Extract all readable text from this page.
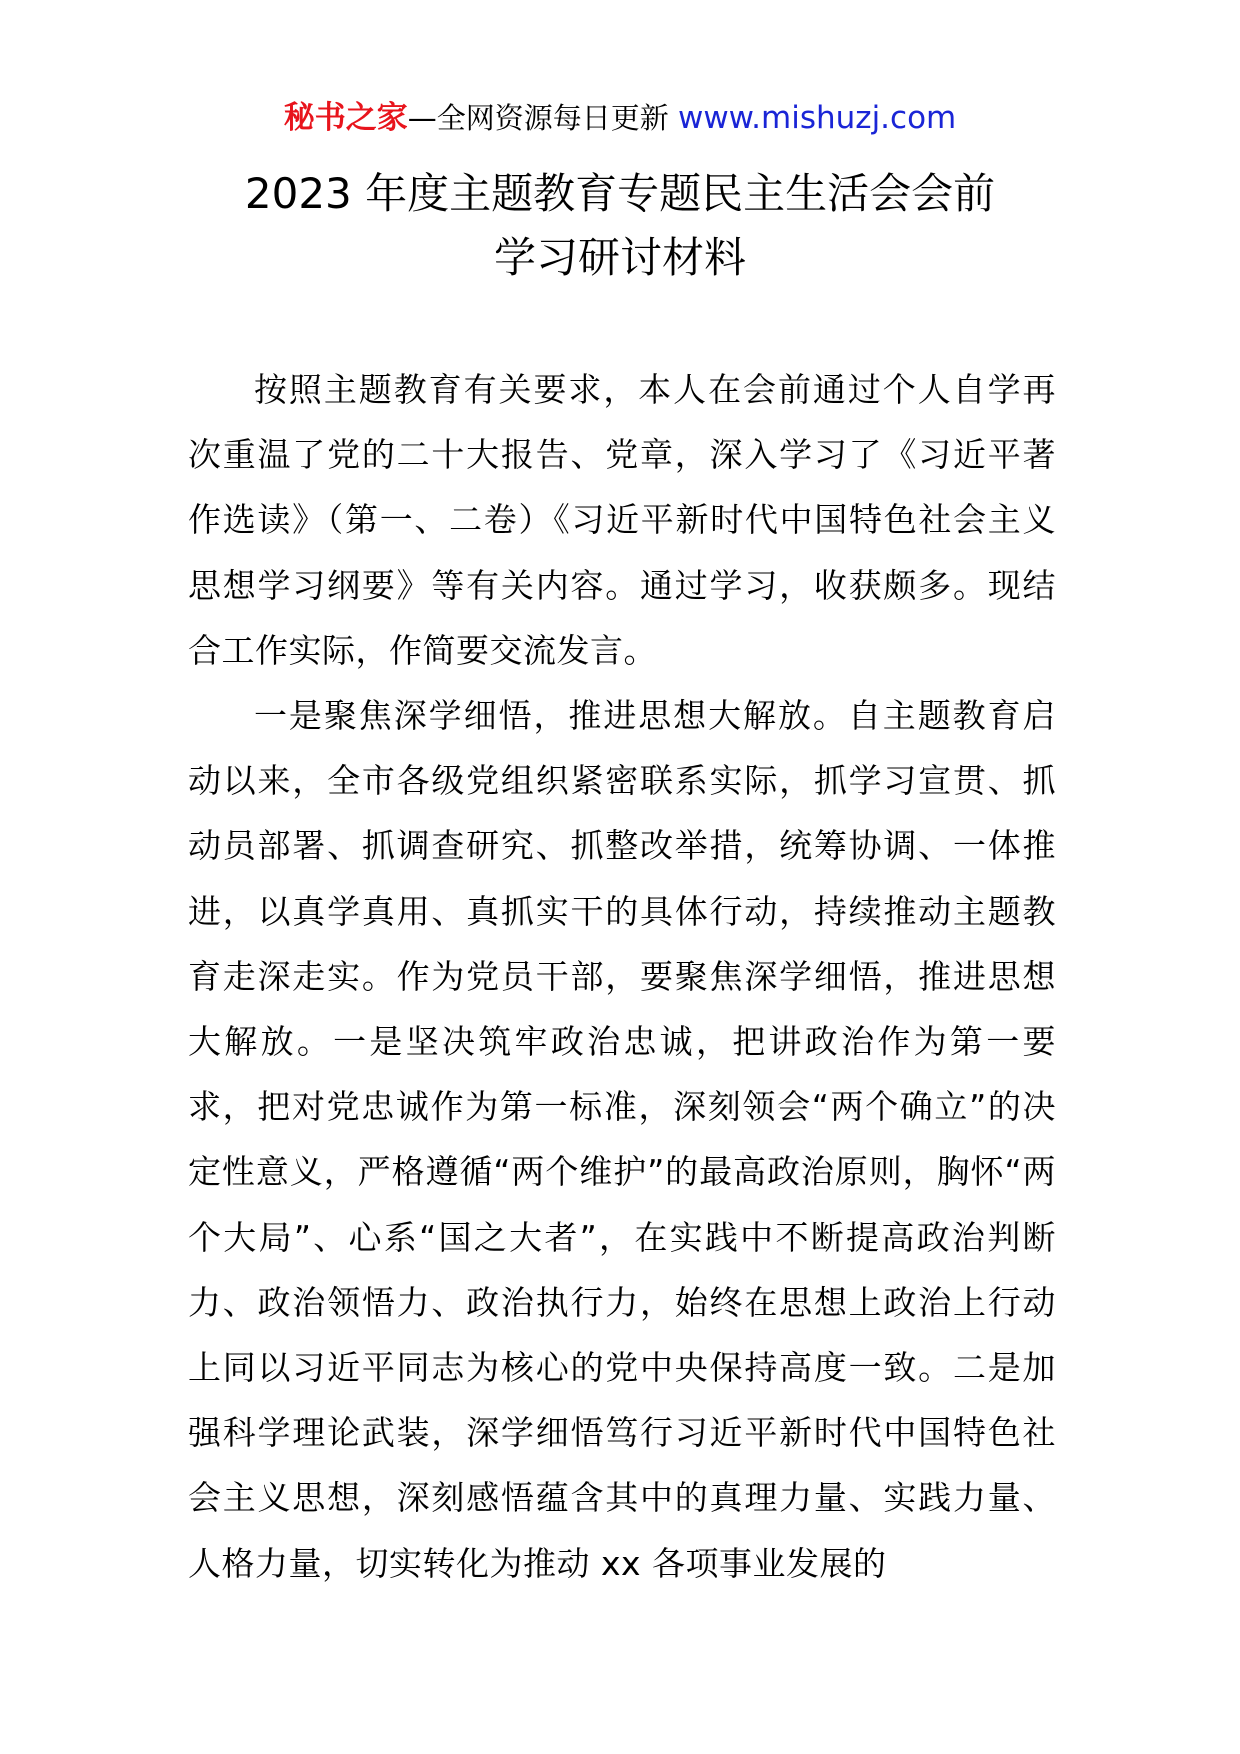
秘书之家—全网资源每日更新 www.mishuzj.com
2023 年度主题教育专题民主生活会会前
学习研讨材料

按照主题教育有关要求，本人在会前通过个人自学再次重温了党的二十大报告、党章，深入学习了《习近平著作选读》（第一、二卷）《习近平新时代中国特色社会主义思想学习纲要》等有关内容。通过学习，收获颇多。现结合工作实际，作简要交流发言。

一是聚焦深学细悟，推进思想大解放。自主题教育启动以来，全市各级党组织紧密联系实际，抓学习宣贯、抓动员部署、抓调查研究、抓整改举措，统筹协调、一体推进，以真学真用、真抓实干的具体行动，持续推动主题教育走深走实。作为党员干部，要聚焦深学细悟，推进思想大解放。一是坚决筑牢政治忠诚，把讲政治作为第一要求，把对党忠诚作为第一标准，深刻领会“两个确立”的决定性意义，严格遵循“两个维护”的最高政治原则，胸怀“两个大局”、心系“国之大者”，在实践中不断提高政治判断力、政治领悟力、政治执行力，始终在思想上政治上行动上同以习近平同志为核心的党中央保持高度一致。二是加强科学理论武装，深学细悟笃行习近平新时代中国特色社会主义思想，深刻感悟蕴含其中的真理力量、实践力量、人格力量，切实转化为推动 xx 各项事业发展的
